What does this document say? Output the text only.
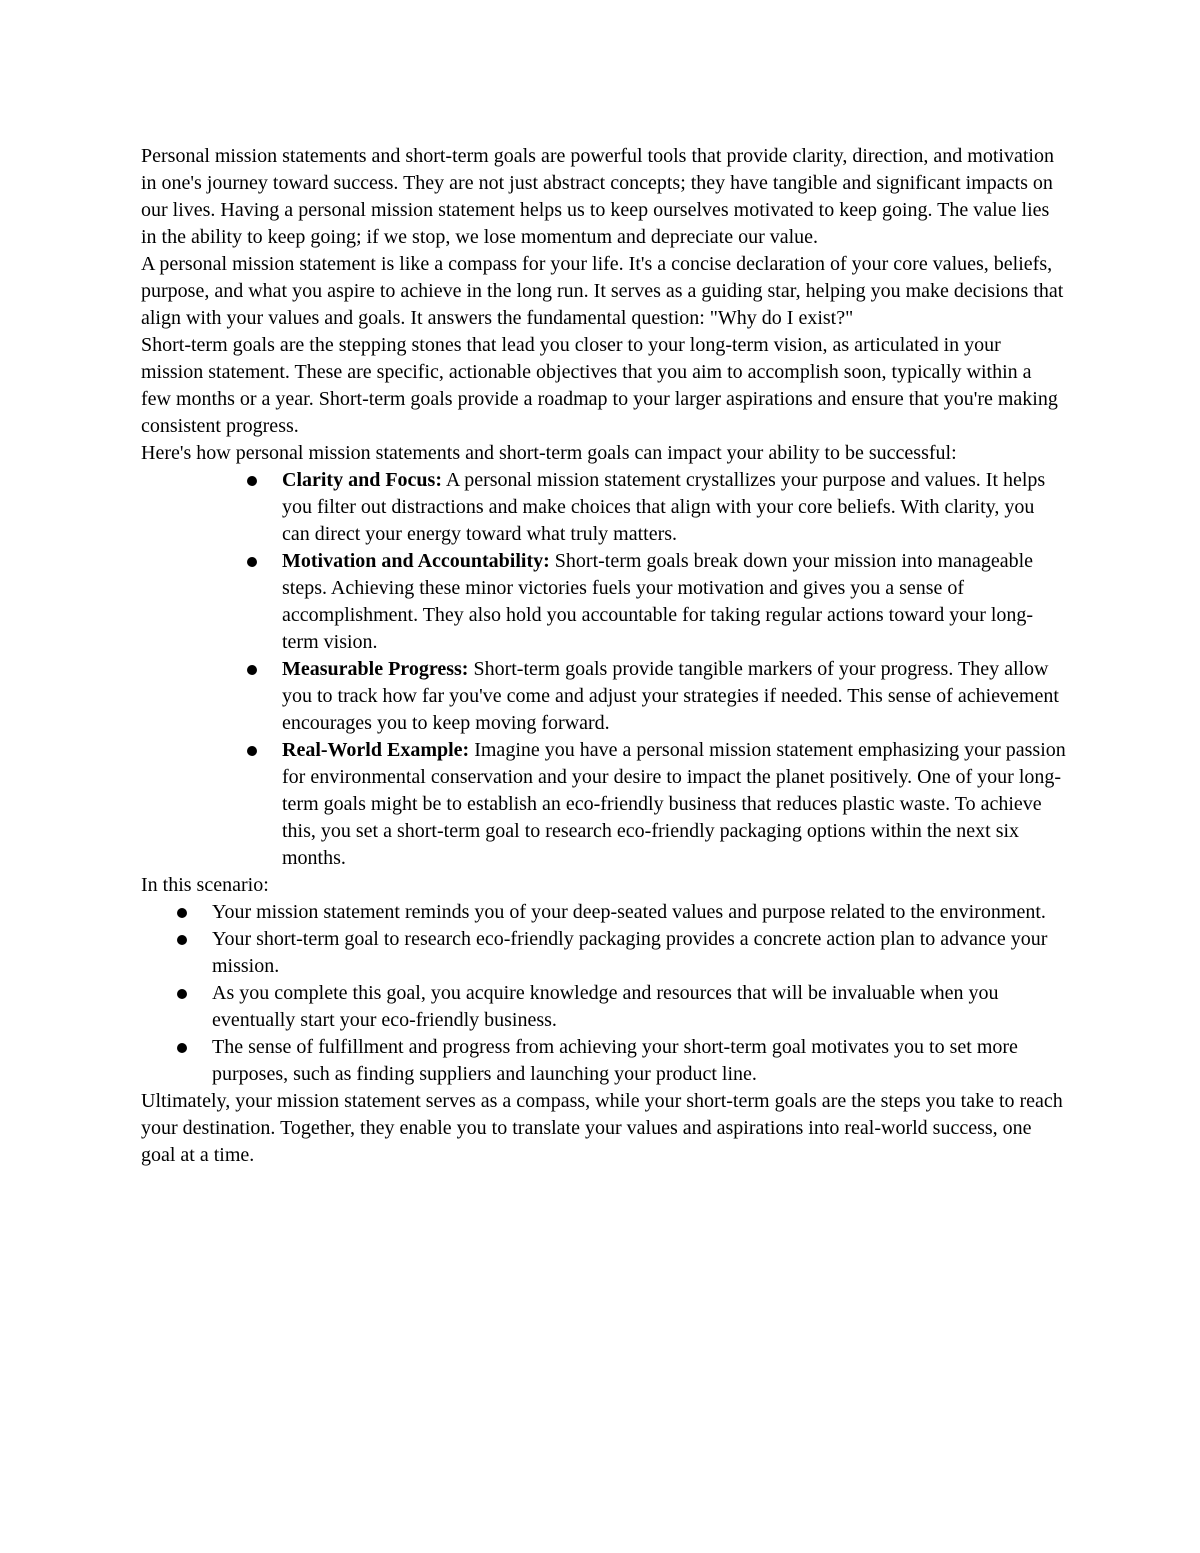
Personal mission statements and short-term goals are powerful tools that provide clarity, direction, and motivation in one's journey toward success. They are not just abstract concepts; they have tangible and significant impacts on our lives. Having a personal mission statement helps us to keep ourselves motivated to keep going. The value lies in the ability to keep going; if we stop, we lose momentum and depreciate our value.

A personal mission statement is like a compass for your life. It's a concise declaration of your core values, beliefs, purpose, and what you aspire to achieve in the long run. It serves as a guiding star, helping you make decisions that align with your values and goals. It answers the fundamental question: "Why do I exist?"

Short-term goals are the stepping stones that lead you closer to your long-term vision, as articulated in your mission statement. These are specific, actionable objectives that you aim to accomplish soon, typically within a few months or a year. Short-term goals provide a roadmap to your larger aspirations and ensure that you're making consistent progress.

Here's how personal mission statements and short-term goals can impact your ability to be successful:

Clarity and Focus: A personal mission statement crystallizes your purpose and values. It helps you filter out distractions and make choices that align with your core beliefs. With clarity, you can direct your energy toward what truly matters.
Motivation and Accountability: Short-term goals break down your mission into manageable steps. Achieving these minor victories fuels your motivation and gives you a sense of accomplishment. They also hold you accountable for taking regular actions toward your long-term vision.
Measurable Progress: Short-term goals provide tangible markers of your progress. They allow you to track how far you've come and adjust your strategies if needed. This sense of achievement encourages you to keep moving forward.
Real-World Example: Imagine you have a personal mission statement emphasizing your passion for environmental conservation and your desire to impact the planet positively. One of your long-term goals might be to establish an eco-friendly business that reduces plastic waste. To achieve this, you set a short-term goal to research eco-friendly packaging options within the next six months.

In this scenario:

Your mission statement reminds you of your deep-seated values and purpose related to the environment.
Your short-term goal to research eco-friendly packaging provides a concrete action plan to advance your mission.
As you complete this goal, you acquire knowledge and resources that will be invaluable when you eventually start your eco-friendly business.
The sense of fulfillment and progress from achieving your short-term goal motivates you to set more purposes, such as finding suppliers and launching your product line.

Ultimately, your mission statement serves as a compass, while your short-term goals are the steps you take to reach your destination. Together, they enable you to translate your values and aspirations into real-world success, one goal at a time.
